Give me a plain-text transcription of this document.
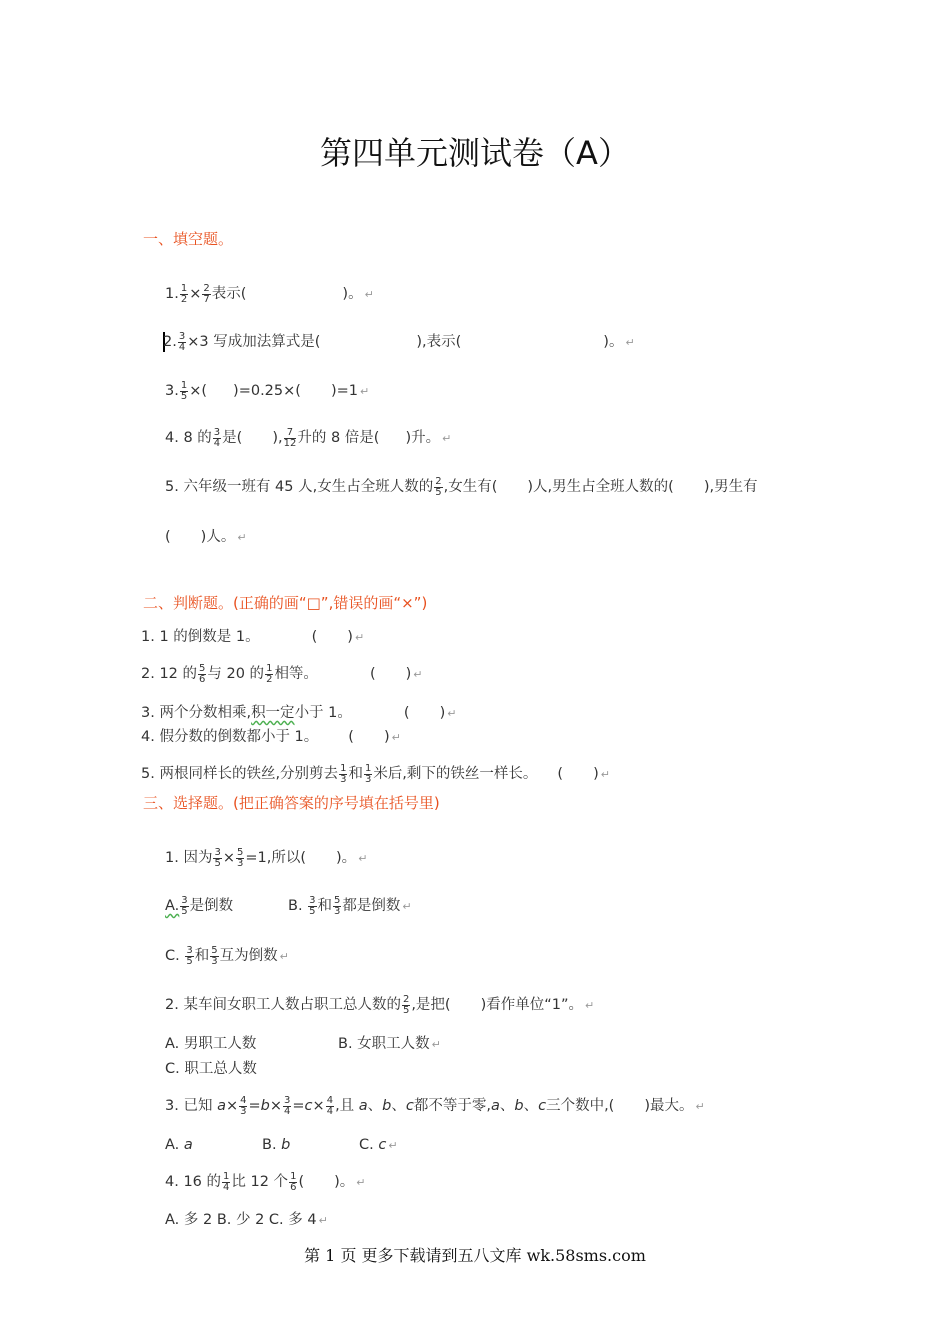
第四单元测试卷（A）
一、填空题。
1. $\frac{1}{2} \times \frac{2}{7}$ 表示(	)。 ↵
2. $\frac{3}{4} \times 3$ 写成加法算式是(	),表示(	)。 ↵
3. $\frac{1}{5}$ ×( )=0.25×( )=1 ↵
4. 8 的 $\frac{3}{4}$ 是( ), $\frac{7}{12}$ 升的 8 倍是( )升。 ↵
5. 六年级一班有 45 人,女生占全班人数的 $\frac{2}{5}$ ,女生有( )人,男生占全班人数的( ),男生有
( )人。 ↵
二、判断题。(正确的画“□”,错误的画“×”)
1. 1 的倒数是 1。	( ) ↵
2. 12 的 $\frac{5}{6}$ 与 20 的 $\frac{1}{2}$ 相等。	( ) ↵
3. 两个分数相乘,积一定小于 1。	( ) ↵
4. 假分数的倒数都小于 1。 ( ) ↵
5. 两根同样长的铁丝,分别剪去 $\frac{1}{3}$ 和 $\frac{1}{3}$ 米后,剩下的铁丝一样长。 ( ) ↵
三、选择题。(把正确答案的序号填在括号里)
1. 因为 $\frac{3}{5} \times \frac{5}{3} =1$,所以( )。 ↵
A. $\frac{3}{5}$ 是倒数	B. $\frac{3}{5}$ 和 $\frac{5}{3}$ 都是倒数 ↵
C. $\frac{3}{5}$ 和 $\frac{5}{3}$ 互为倒数 ↵
2. 某车间女职工人数占职工总人数的 $\frac{2}{5}$ ,是把( )看作单位“1”。 ↵
A. 男职工人数	B. 女职工人数 ↵
C. 职工总人数
3. 已知 $a\times \frac{4}{3} =b\times \frac{3}{4} =c\times \frac{4}{4}$ ,且 a、b、c都不等于零,a、b、c三个数中,( )最大。 ↵
A. a	B. b	C. c ↵
4. 16 的 $\frac{1}{4}$ 比 12 个 $\frac{1}{6}$ ( )。 ↵
A. 多 2 B. 少 2 C. 多 4 ↵
第 1 页 更多下载请到五八文库 wk.58sms.com
